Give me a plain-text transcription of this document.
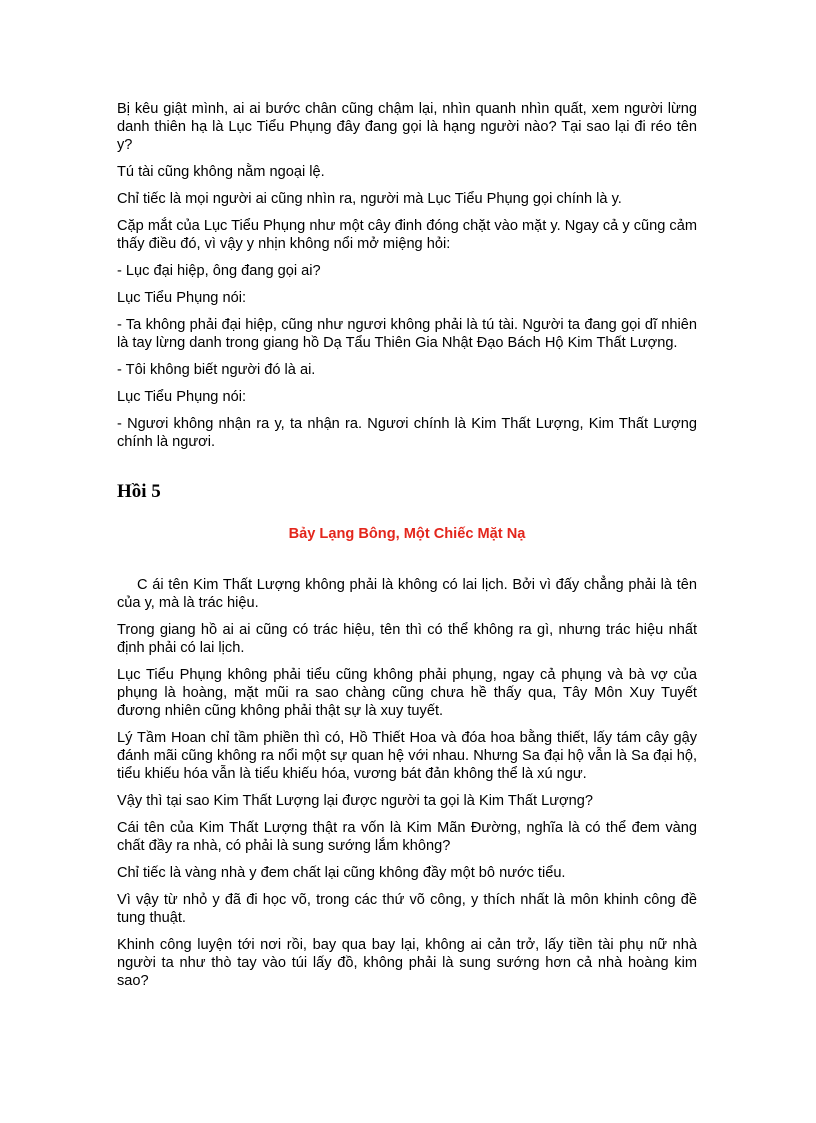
Bị kêu giật mình, ai ai bước chân cũng chậm lại, nhìn quanh nhìn quất, xem người lừng danh thiên hạ là Lục Tiểu Phụng đây đang gọi là hạng người nào? Tại sao lại đi réo tên y?

Tú tài cũng không nằm ngoại lệ.

Chỉ tiếc là mọi người ai cũng nhìn ra, người mà Lục Tiểu Phụng gọi chính là y.

Cặp mắt của Lục Tiểu Phụng như một cây đinh đóng chặt vào mặt y. Ngay cả y cũng cảm thấy điều đó, vì vậy y nhịn không nổi mở miệng hỏi:

- Lục đại hiệp, ông đang gọi ai?

Lục Tiểu Phụng nói:

- Ta không phải đại hiệp, cũng như ngươi không phải là tú tài. Người ta đang gọi dĩ nhiên là tay lừng danh trong giang hồ Dạ Tẩu Thiên Gia Nhật Đạo Bách Hộ Kim Thất Lượng.

- Tôi không biết người đó là ai.

Lục Tiểu Phụng nói:

- Ngươi không nhận ra y, ta nhận ra. Ngươi chính là Kim Thất Lượng, Kim Thất Lượng chính là ngươi.

Hồi 5
Bảy Lạng Bông, Một Chiếc Mặt Nạ

C ái tên Kim Thất Lượng không phải là không có lai lịch. Bởi vì đấy chẳng phải là tên của y, mà là trác hiệu.

Trong giang hồ ai ai cũng có trác hiệu, tên thì có thể không ra gì, nhưng trác hiệu nhất định phải có lai lịch.

Lục Tiểu Phụng không phải tiểu cũng không phải phụng, ngay cả phụng và bà vợ của phụng là hoàng, mặt mũi ra sao chàng cũng chưa hề thấy qua, Tây Môn Xuy Tuyết đương nhiên cũng không phải thật sự là xuy tuyết.

Lý Tầm Hoan chỉ tầm phiền thì có, Hồ Thiết Hoa và đóa hoa bằng thiết, lấy tám cây gậy đánh mãi cũng không ra nổi một sự quan hệ với nhau. Nhưng Sa đại hộ vẫn là Sa đại hộ, tiểu khiếu hóa vẫn là tiểu khiếu hóa, vương bát đản không thể là xú ngư.

Vậy thì tại sao Kim Thất Lượng lại được người ta gọi là Kim Thất Lượng?

Cái tên của Kim Thất Lượng thật ra vốn là Kim Mãn Đường, nghĩa là có thể đem vàng chất đầy ra nhà, có phải là sung sướng lắm không?

Chỉ tiếc là vàng nhà y đem chất lại cũng không đầy một bô nước tiểu.

Vì vậy từ nhỏ y đã đi học võ, trong các thứ võ công, y thích nhất là môn khinh công đề tung thuật.

Khinh công luyện tới nơi rồi, bay qua bay lại, không ai cản trở, lấy tiền tài phụ nữ nhà người ta như thò tay vào túi lấy đồ, không phải là sung sướng hơn cả nhà hoàng kim sao?
